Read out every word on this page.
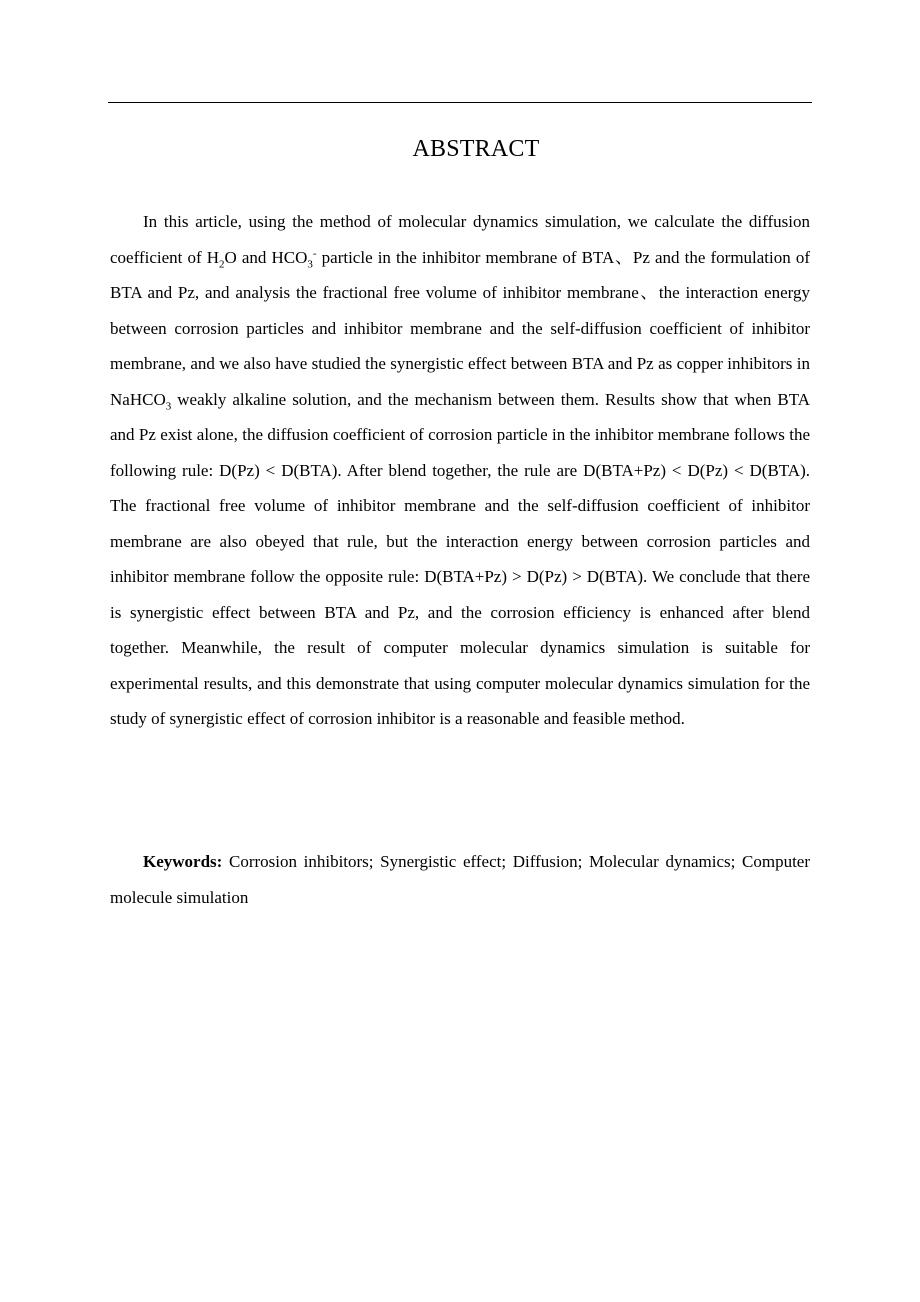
ABSTRACT

In this article, using the method of molecular dynamics simulation, we calculate the diffusion coefficient of $H_2O$ and $HCO_3^-$ particle in the inhibitor membrane of BTA、Pz and the formulation of BTA and Pz, and analysis the fractional free volume of inhibitor membrane、the interaction energy between corrosion particles and inhibitor membrane and the self-diffusion coefficient of inhibitor membrane, and we also have studied the synergistic effect between BTA and Pz as copper inhibitors in NaHCO$_3$ weakly alkaline solution, and the mechanism between them. Results show that when BTA and Pz exist alone, the diffusion coefficient of corrosion particle in the inhibitor membrane follows the following rule: D(Pz) < D(BTA). After blend together, the rule are D(BTA+Pz) < D(Pz) < D(BTA). The fractional free volume of inhibitor membrane and the self-diffusion coefficient of inhibitor membrane are also obeyed that rule, but the interaction energy between corrosion particles and inhibitor membrane follow the opposite rule: D(BTA+Pz) > D(Pz) > D(BTA). We conclude that there is synergistic effect between BTA and Pz, and the corrosion efficiency is enhanced after blend together. Meanwhile, the result of computer molecular dynamics simulation is suitable for experimental results, and this demonstrate that using computer molecular dynamics simulation for the study of synergistic effect of corrosion inhibitor is a reasonable and feasible method.

Keywords: Corrosion inhibitors; Synergistic effect; Diffusion; Molecular dynamics; Computer molecule simulation
